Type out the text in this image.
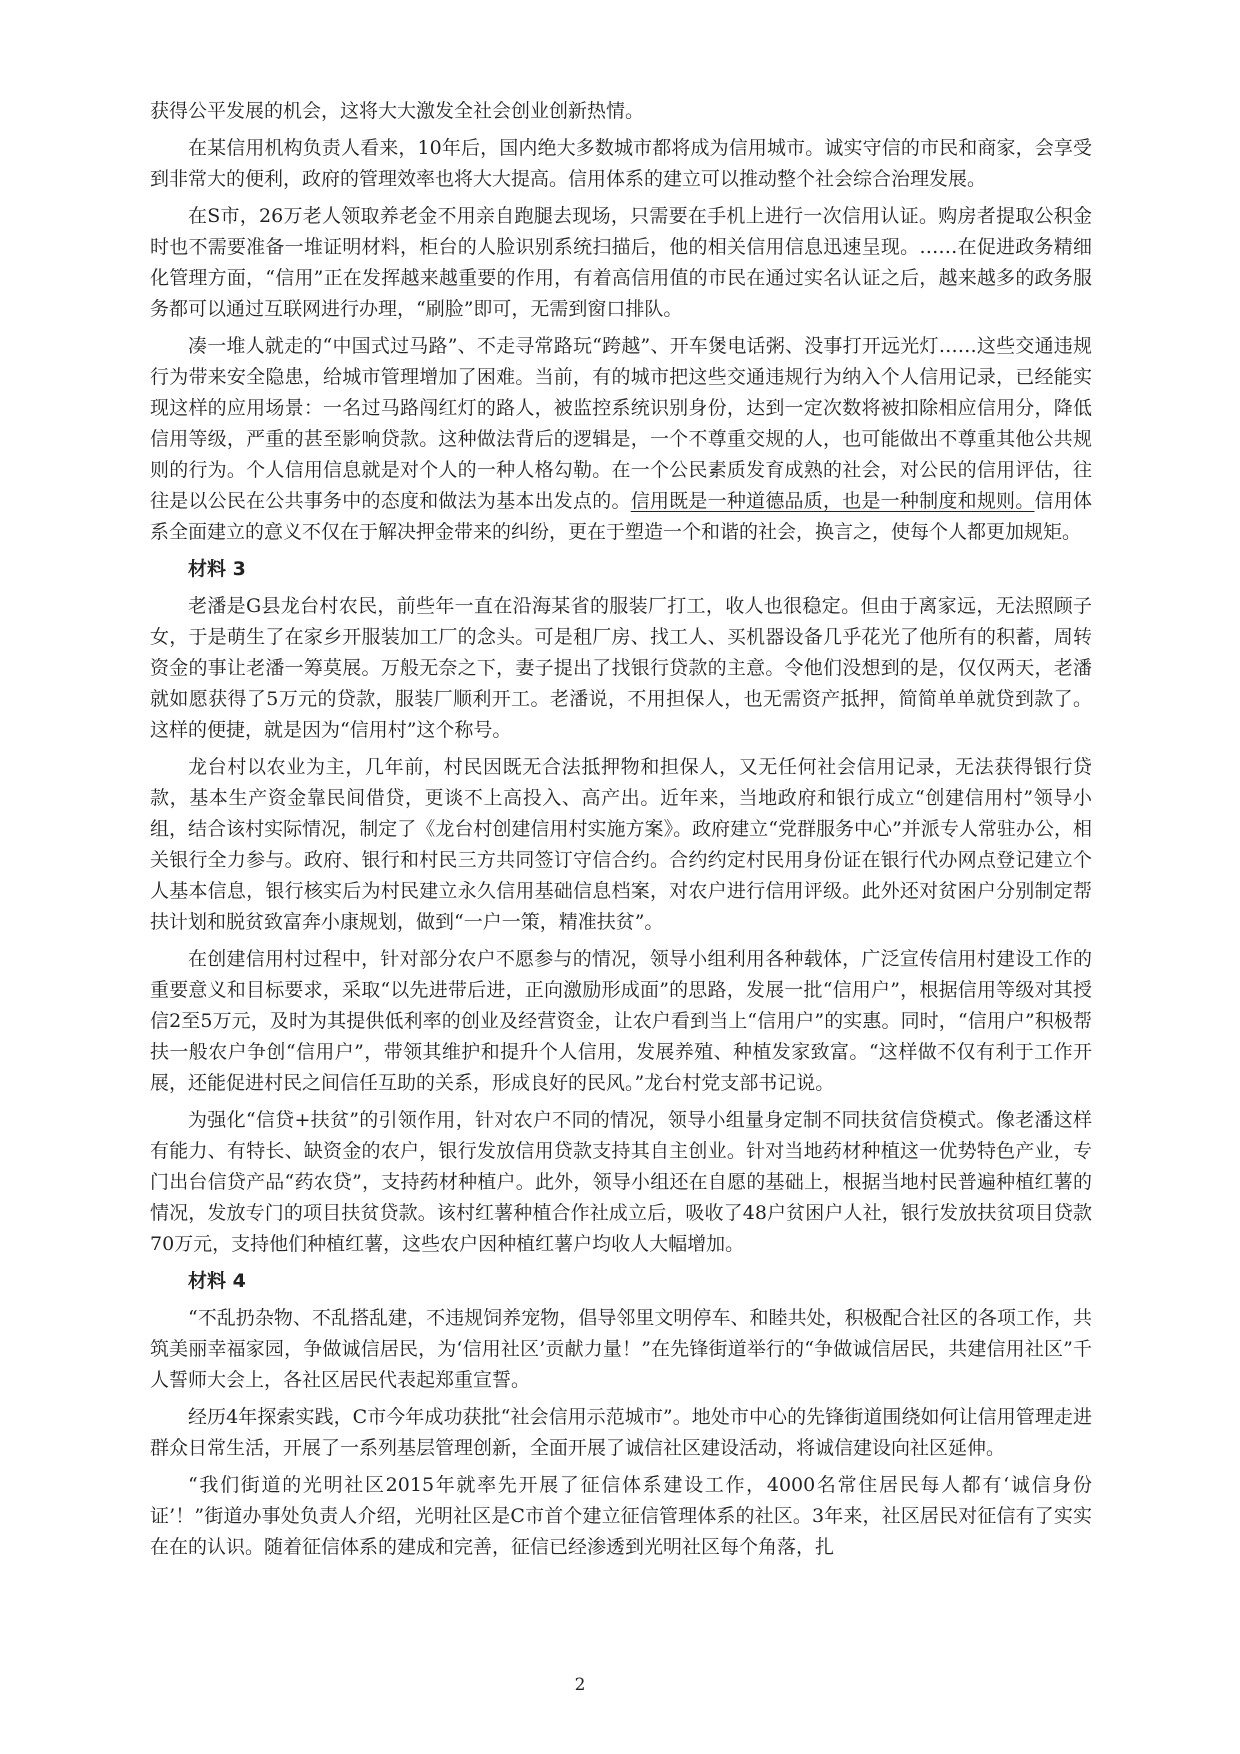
获得公平发展的机会，这将大大激发全社会创业创新热情。

在某信用机构负责人看来，10年后，国内绝大多数城市都将成为信用城市。诚实守信的市民和商家，会享受到非常大的便利，政府的管理效率也将大大提高。信用体系的建立可以推动整个社会综合治理发展。

在S市，26万老人领取养老金不用亲自跑腿去现场，只需要在手机上进行一次信用认证。购房者提取公积金时也不需要准备一堆证明材料，柜台的人脸识别系统扫描后，他的相关信用信息迅速呈现。……在促进政务精细化管理方面，“信用”正在发挥越来越重要的作用，有着高信用值的市民在通过实名认证之后，越来越多的政务服务都可以通过互联网进行办理，“刷脸”即可，无需到窗口排队。

凑一堆人就走的“中国式过马路”、不走寻常路玩“跨越”、开车煲电话粥、没事打开远光灯……这些交通违规行为带来安全隐患，给城市管理增加了困难。当前，有的城市把这些交通违规行为纳入个人信用记录，已经能实现这样的应用场景：一名过马路闯红灯的路人，被监控系统识别身份，达到一定次数将被扣除相应信用分，降低信用等级，严重的甚至影响贷款。这种做法背后的逻辑是，一个不尊重交规的人，也可能做出不尊重其他公共规则的行为。个人信用信息就是对个人的一种人格勾勒。在一个公民素质发育成熟的社会，对公民的信用评估，往往是以公民在公共事务中的态度和做法为基本出发点的。信用既是一种道德品质，也是一种制度和规则。信用体系全面建立的意义不仅在于解决押金带来的纠纷，更在于塑造一个和谐的社会，换言之，使每个人都更加规矩。

材料 3

老潘是G县龙台村农民，前些年一直在沿海某省的服装厂打工，收人也很稳定。但由于离家远，无法照顾子女，于是萌生了在家乡开服装加工厂的念头。可是租厂房、找工人、买机器设备几乎花光了他所有的积蓄，周转资金的事让老潘一筹莫展。万般无奈之下，妻子提出了找银行贷款的主意。令他们没想到的是，仅仅两天，老潘就如愿获得了5万元的贷款，服装厂顺利开工。老潘说，不用担保人，也无需资产抵押，简简单单就贷到款了。这样的便捷，就是因为“信用村”这个称号。

龙台村以农业为主，几年前，村民因既无合法抵押物和担保人，又无任何社会信用记录，无法获得银行贷款，基本生产资金靠民间借贷，更谈不上高投入、高产出。近年来，当地政府和银行成立“创建信用村”领导小组，结合该村实际情况，制定了《龙台村创建信用村实施方案》。政府建立“党群服务中心”并派专人常驻办公，相关银行全力参与。政府、银行和村民三方共同签订守信合约。合约约定村民用身份证在银行代办网点登记建立个人基本信息，银行核实后为村民建立永久信用基础信息档案，对农户进行信用评级。此外还对贫困户分别制定帮扶计划和脱贫致富奔小康规划，做到“一户一策，精准扶贫”。

在创建信用村过程中，针对部分农户不愿参与的情况，领导小组利用各种载体，广泛宣传信用村建设工作的重要意义和目标要求，采取“以先进带后进，正向激励形成面”的思路，发展一批“信用户”，根据信用等级对其授信2至5万元，及时为其提供低利率的创业及经营资金，让农户看到当上“信用户”的实惠。同时，“信用户”积极帮扶一般农户争创“信用户”，带领其维护和提升个人信用，发展养殖、种植发家致富。“这样做不仅有利于工作开展，还能促进村民之间信任互助的关系，形成良好的民风。”龙台村党支部书记说。

为强化“信贷+扶贫”的引领作用，针对农户不同的情况，领导小组量身定制不同扶贫信贷模式。像老潘这样有能力、有特长、缺资金的农户，银行发放信用贷款支持其自主创业。针对当地药材种植这一优势特色产业，专门出台信贷产品“药农贷”，支持药材种植户。此外，领导小组还在自愿的基础上，根据当地村民普遍种植红薯的情况，发放专门的项目扶贫贷款。该村红薯种植合作社成立后，吸收了48户贫困户人社，银行发放扶贫项目贷款70万元，支持他们种植红薯，这些农户因种植红薯户均收人大幅增加。

材料 4

“不乱扔杂物、不乱搭乱建，不违规饲养宠物，倡导邻里文明停车、和睦共处，积极配合社区的各项工作，共筑美丽幸福家园，争做诚信居民，为‘信用社区’贡献力量！”在先锋街道举行的“争做诚信居民，共建信用社区”千人誓师大会上，各社区居民代表起郑重宣誓。

经历4年探索实践，C市今年成功获批“社会信用示范城市”。地处市中心的先锋街道围绕如何让信用管理走进群众日常生活，开展了一系列基层管理创新，全面开展了诚信社区建设活动，将诚信建设向社区延伸。

“我们街道的光明社区2015年就率先开展了征信体系建设工作，4000名常住居民每人都有‘诚信身份证’！”街道办事处负责人介绍，光明社区是C市首个建立征信管理体系的社区。3年来，社区居民对征信有了实实在在的认识。随着征信体系的建成和完善，征信已经渗透到光明社区每个角落，扎

2
